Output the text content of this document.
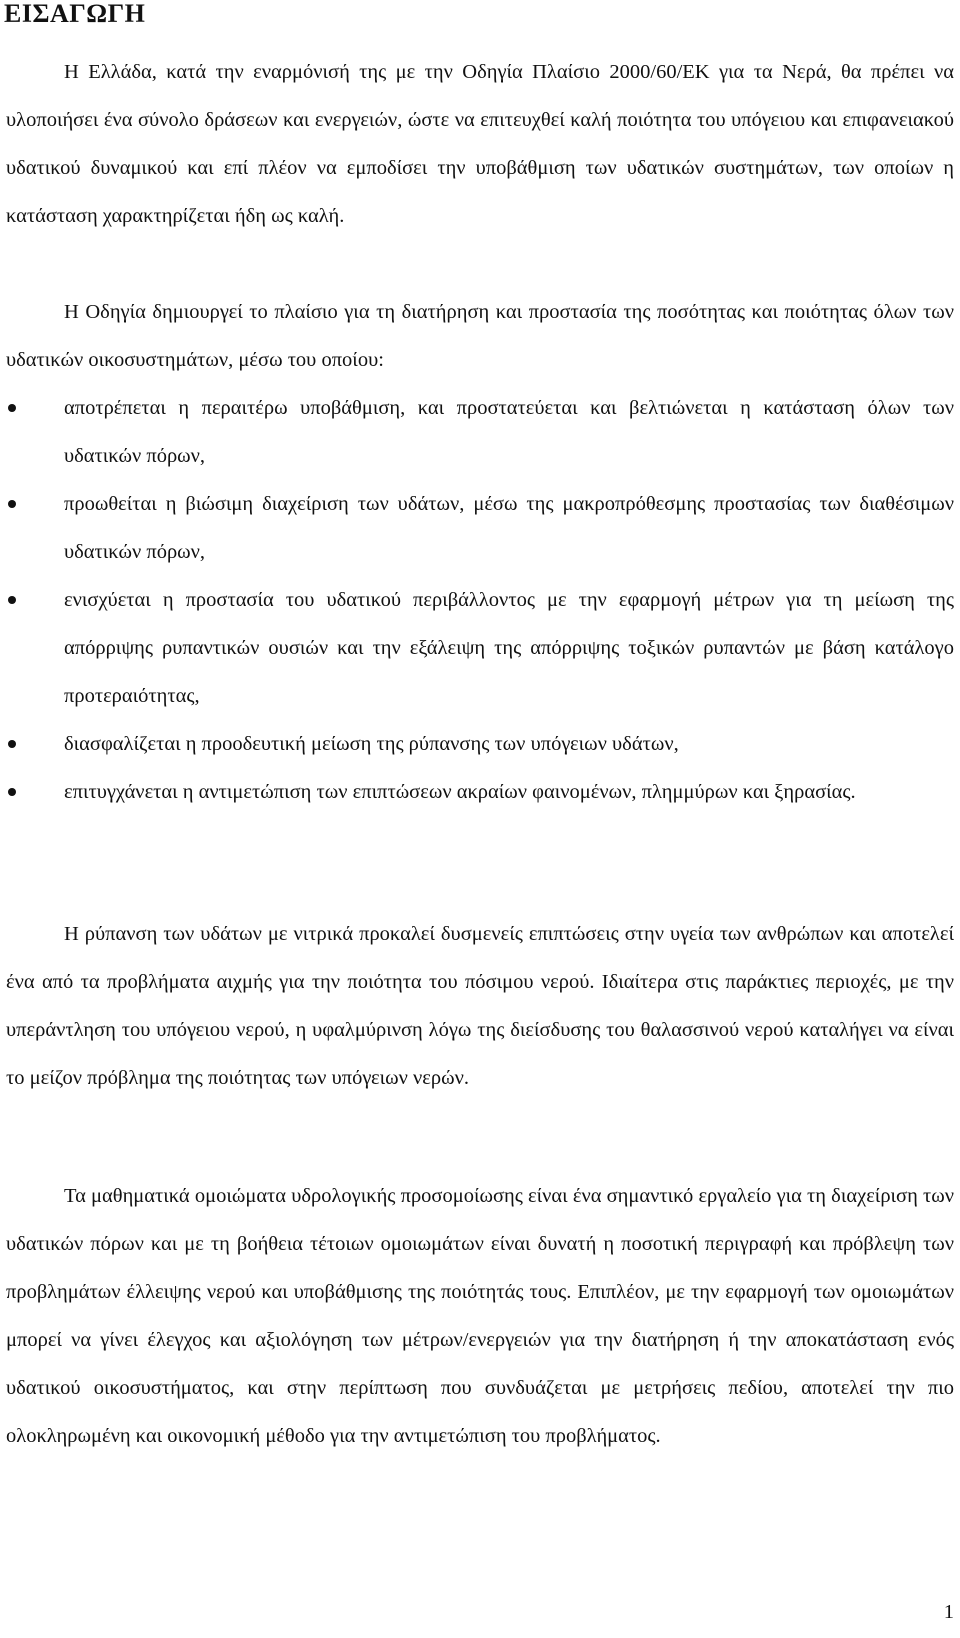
ΕΙΣΑΓΩΓΗ

Η Ελλάδα, κατά την εναρμόνισή της με την Οδηγία Πλαίσιο 2000/60/ΕΚ για τα Νερά, θα πρέπει να υλοποιήσει ένα σύνολο δράσεων και ενεργειών, ώστε να επιτευχθεί καλή ποιότητα του υπόγειου και επιφανειακού υδατικού δυναμικού και επί πλέον να εμποδίσει την υποβάθμιση των υδατικών συστημάτων, των οποίων η κατάσταση χαρακτηρίζεται ήδη ως καλή.

Η Οδηγία δημιουργεί το πλαίσιο για τη διατήρηση και προστασία της ποσότητας και ποιότητας όλων των υδατικών οικοσυστημάτων, μέσω του οποίου:

αποτρέπεται η περαιτέρω υποβάθμιση, και προστατεύεται και βελτιώνεται η κατάσταση όλων των υδατικών πόρων,
προωθείται η βιώσιμη διαχείριση των υδάτων, μέσω της μακροπρόθεσμης προστασίας των διαθέσιμων υδατικών πόρων,
ενισχύεται η προστασία του υδατικού περιβάλλοντος με την εφαρμογή μέτρων για τη μείωση της απόρριψης ρυπαντικών ουσιών και την εξάλειψη της απόρριψης τοξικών ρυπαντών με βάση κατάλογο προτεραιότητας,
διασφαλίζεται η προοδευτική μείωση της ρύπανσης των υπόγειων υδάτων,
επιτυγχάνεται η αντιμετώπιση των επιπτώσεων ακραίων φαινομένων, πλημμύρων και ξηρασίας.

Η ρύπανση των υδάτων με νιτρικά προκαλεί δυσμενείς επιπτώσεις στην υγεία των ανθρώπων και αποτελεί ένα από τα προβλήματα αιχμής για την ποιότητα του πόσιμου νερού. Ιδιαίτερα στις παράκτιες περιοχές, με την υπεράντληση του υπόγειου νερού, η υφαλμύρινση λόγω της διείσδυσης του θαλασσινού νερού καταλήγει να είναι το μείζον πρόβλημα της ποιότητας των υπόγειων νερών.

Τα μαθηματικά ομοιώματα υδρολογικής προσομοίωσης είναι ένα σημαντικό εργαλείο για τη διαχείριση των υδατικών πόρων και με τη βοήθεια τέτοιων ομοιωμάτων είναι δυνατή η ποσοτική περιγραφή και πρόβλεψη των προβλημάτων έλλειψης νερού και υποβάθμισης της ποιότητάς τους. Επιπλέον, με την εφαρμογή των ομοιωμάτων μπορεί να γίνει έλεγχος και αξιολόγηση των μέτρων/ενεργειών για την διατήρηση ή την αποκατάσταση ενός υδατικού οικοσυστήματος, και στην περίπτωση που συνδυάζεται με μετρήσεις πεδίου, αποτελεί την πιο ολοκληρωμένη και οικονομική μέθοδο για την αντιμετώπιση του προβλήματος.

1
